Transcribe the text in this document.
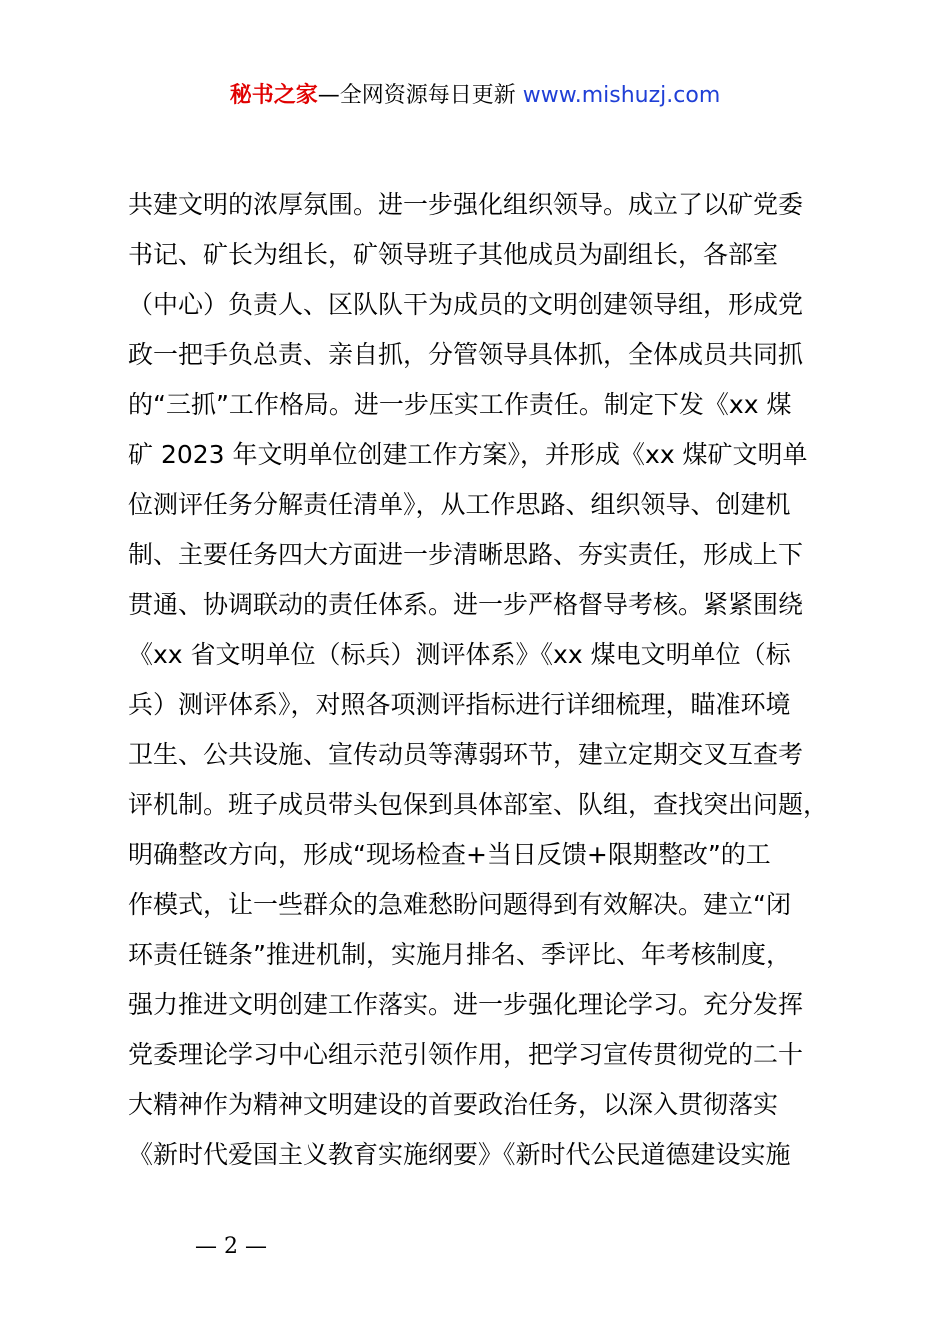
秘书之家—全网资源每日更新 www.mishuzj.com
共建文明的浓厚氛围。进一步强化组织领导。成立了以矿党委
书记、矿长为组长，矿领导班子其他成员为副组长，各部室
（中心）负责人、区队队干为成员的文明创建领导组，形成党
政一把手负总责、亲自抓，分管领导具体抓，全体成员共同抓
的“三抓”工作格局。进一步压实工作责任。制定下发《xx 煤
矿 2023 年文明单位创建工作方案》，并形成《xx 煤矿文明单
位测评任务分解责任清单》，从工作思路、组织领导、创建机
制、主要任务四大方面进一步清晰思路、夯实责任，形成上下
贯通、协调联动的责任体系。进一步严格督导考核。紧紧围绕
《xx 省文明单位（标兵）测评体系》《xx 煤电文明单位（标
兵）测评体系》，对照各项测评指标进行详细梳理，瞄准环境
卫生、公共设施、宣传动员等薄弱环节，建立定期交叉互查考
评机制。班子成员带头包保到具体部室、队组，查找突出问题，
明确整改方向，形成“现场检查+当日反馈+限期整改”的工
作模式，让一些群众的急难愁盼问题得到有效解决。建立“闭
环责任链条”推进机制，实施月排名、季评比、年考核制度，
强力推进文明创建工作落实。进一步强化理论学习。充分发挥
党委理论学习中心组示范引领作用，把学习宣传贯彻党的二十
大精神作为精神文明建设的首要政治任务，以深入贯彻落实
《新时代爱国主义教育实施纲要》《新时代公民道德建设实施
— 2 —
